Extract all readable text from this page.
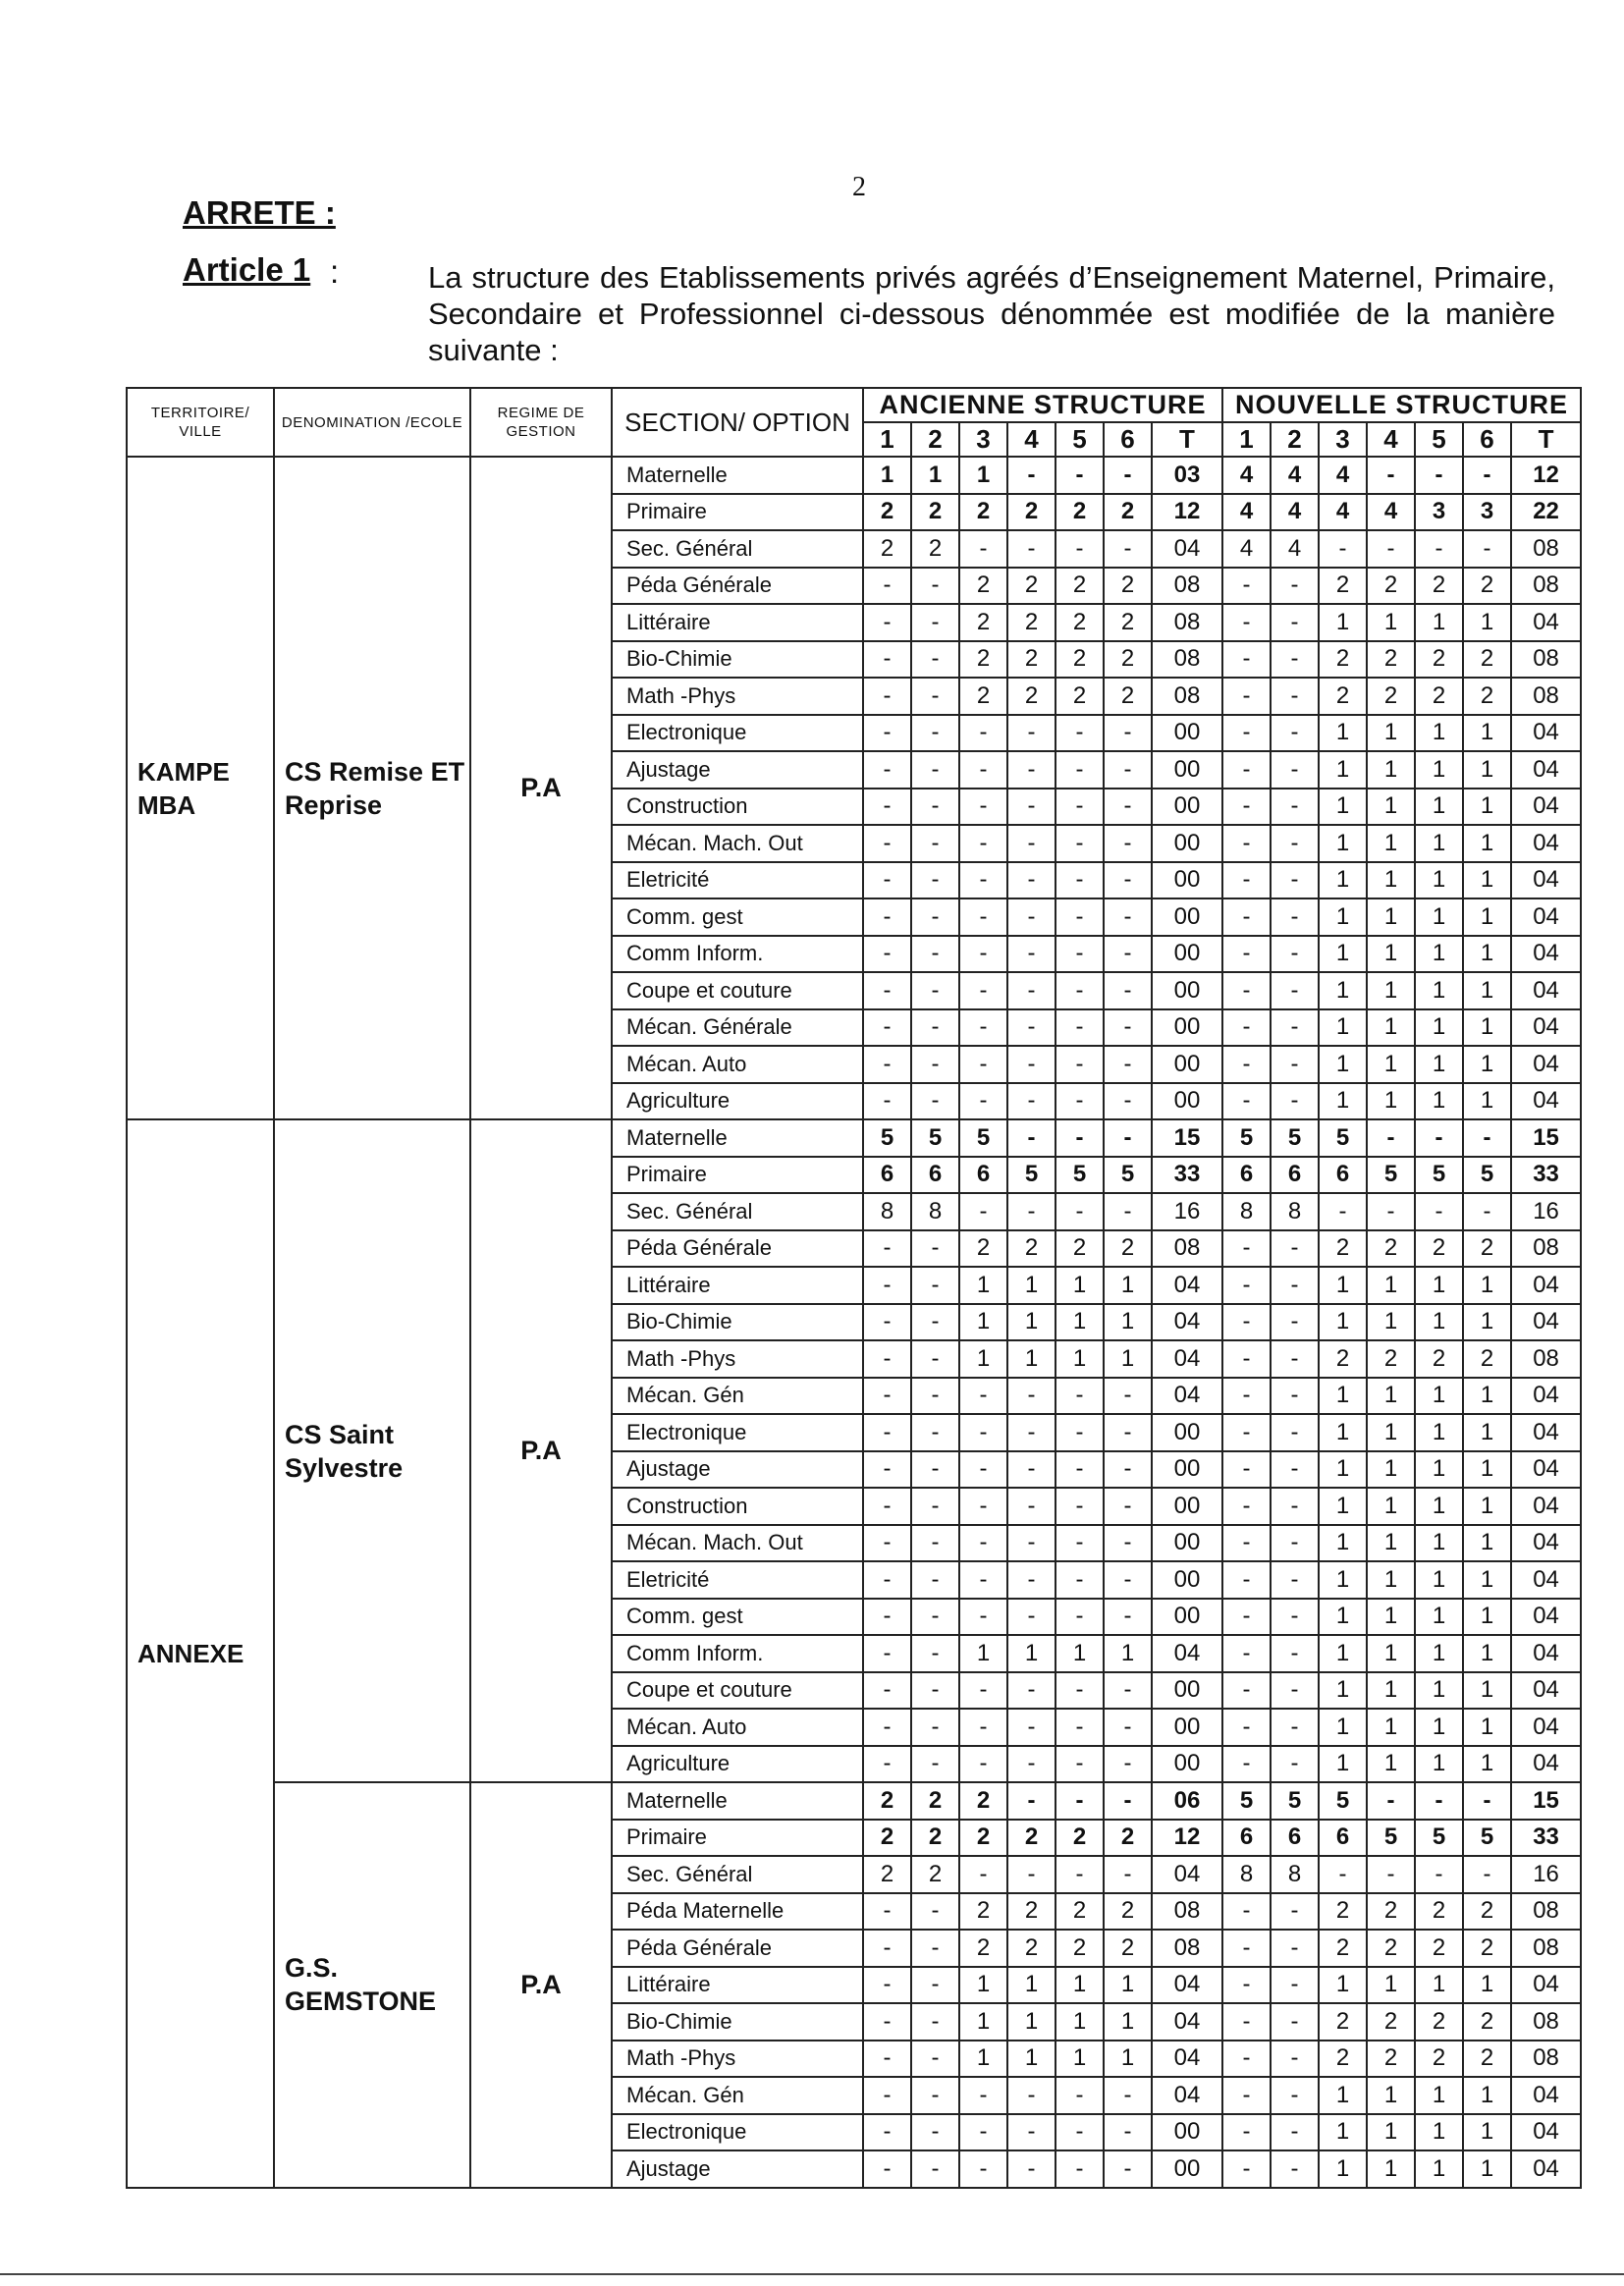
2
ARRETE :
Article 1 :	La structure des Etablissements privés agréés d’Enseignement Maternel, Primaire, Secondaire et Professionnel ci-dessous dénommée est modifiée de la manière suivante :
TERRITOIRE/ VILLE	DENOMINATION /ECOLE	REGIME DE GESTION	SECTION/ OPTION	ANCIENNE STRUCTURE							NOUVELLE STRUCTURE						
				1	2	3	4	5	6	T	1	2	3	4	5	6	T
KAMPE MBA	CS Remise ET Reprise	P.A	Maternelle	1	1	1	-	-	-	03	4	4	4	-	-	-	12
			Primaire	2	2	2	2	2	2	12	4	4	4	4	3	3	22
			Sec. Général	2	2	-	-	-	-	04	4	4	-	-	-	-	08
			Péda Générale	-	-	2	2	2	2	08	-	-	2	2	2	2	08
			Littéraire	-	-	2	2	2	2	08	-	-	1	1	1	1	04
			Bio-Chimie	-	-	2	2	2	2	08	-	-	2	2	2	2	08
			Math -Phys	-	-	2	2	2	2	08	-	-	2	2	2	2	08
			Electronique	-	-	-	-	-	-	00	-	-	1	1	1	1	04
			Ajustage	-	-	-	-	-	-	00	-	-	1	1	1	1	04
			Construction	-	-	-	-	-	-	00	-	-	1	1	1	1	04
			Mécan. Mach. Out	-	-	-	-	-	-	00	-	-	1	1	1	1	04
			Eletricité	-	-	-	-	-	-	00	-	-	1	1	1	1	04
			Comm. gest	-	-	-	-	-	-	00	-	-	1	1	1	1	04
			Comm Inform.	-	-	-	-	-	-	00	-	-	1	1	1	1	04
			Coupe et couture	-	-	-	-	-	-	00	-	-	1	1	1	1	04
			Mécan. Générale	-	-	-	-	-	-	00	-	-	1	1	1	1	04
			Mécan. Auto	-	-	-	-	-	-	00	-	-	1	1	1	1	04
			Agriculture	-	-	-	-	-	-	00	-	-	1	1	1	1	04
ANNEXE	CS Saint Sylvestre	P.A	Maternelle	5	5	5	-	-	-	15	5	5	5	-	-	-	15
			Primaire	6	6	6	5	5	5	33	6	6	6	5	5	5	33
			Sec. Général	8	8	-	-	-	-	16	8	8	-	-	-	-	16
			Péda Générale	-	-	2	2	2	2	08	-	-	2	2	2	2	08
			Littéraire	-	-	1	1	1	1	04	-	-	1	1	1	1	04
			Bio-Chimie	-	-	1	1	1	1	04	-	-	1	1	1	1	04
			Math -Phys	-	-	1	1	1	1	04	-	-	2	2	2	2	08
			Mécan. Gén	-	-	-	-	-	-	04	-	-	1	1	1	1	04
			Electronique	-	-	-	-	-	-	00	-	-	1	1	1	1	04
			Ajustage	-	-	-	-	-	-	00	-	-	1	1	1	1	04
			Construction	-	-	-	-	-	-	00	-	-	1	1	1	1	04
			Mécan. Mach. Out	-	-	-	-	-	-	00	-	-	1	1	1	1	04
			Eletricité	-	-	-	-	-	-	00	-	-	1	1	1	1	04
			Comm. gest	-	-	-	-	-	-	00	-	-	1	1	1	1	04
			Comm Inform.	-	-	1	1	1	1	04	-	-	1	1	1	1	04
			Coupe et couture	-	-	-	-	-	-	00	-	-	1	1	1	1	04
			Mécan. Auto	-	-	-	-	-	-	00	-	-	1	1	1	1	04
			Agriculture	-	-	-	-	-	-	00	-	-	1	1	1	1	04
	G.S. GEMSTONE	P.A	Maternelle	2	2	2	-	-	-	06	5	5	5	-	-	-	15
			Primaire	2	2	2	2	2	2	12	6	6	6	5	5	5	33
			Sec. Général	2	2	-	-	-	-	04	8	8	-	-	-	-	16
			Péda Maternelle	-	-	2	2	2	2	08	-	-	2	2	2	2	08
			Péda Générale	-	-	2	2	2	2	08	-	-	2	2	2	2	08
			Littéraire	-	-	1	1	1	1	04	-	-	1	1	1	1	04
			Bio-Chimie	-	-	1	1	1	1	04	-	-	2	2	2	2	08
			Math -Phys	-	-	1	1	1	1	04	-	-	2	2	2	2	08
			Mécan. Gén	-	-	-	-	-	-	04	-	-	1	1	1	1	04
			Electronique	-	-	-	-	-	-	00	-	-	1	1	1	1	04
			Ajustage	-	-	-	-	-	-	00	-	-	1	1	1	1	04
